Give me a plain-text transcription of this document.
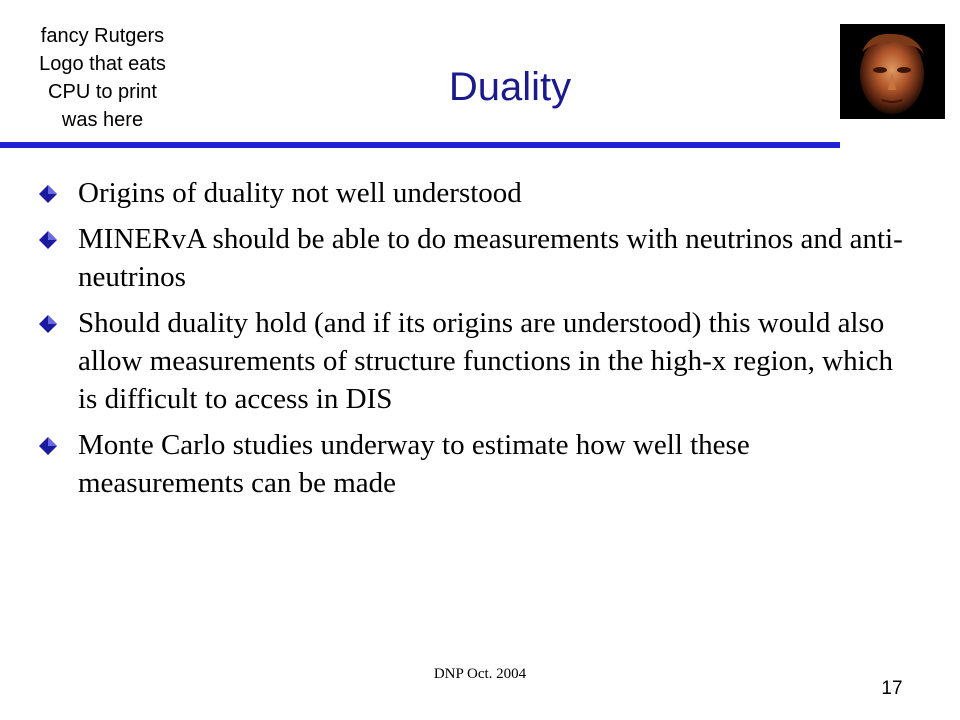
fancy Rutgers
Logo that eats
CPU to print
was here
Duality
Origins of duality not well understood
MINERvA should be able to do measurements with neutrinos and anti-neutrinos
Should duality hold (and if its origins are understood) this would also allow measurements of structure functions in the high-x region, which is difficult to access in DIS
Monte Carlo studies underway to estimate how well these measurements can be made
DNP Oct. 2004
17
